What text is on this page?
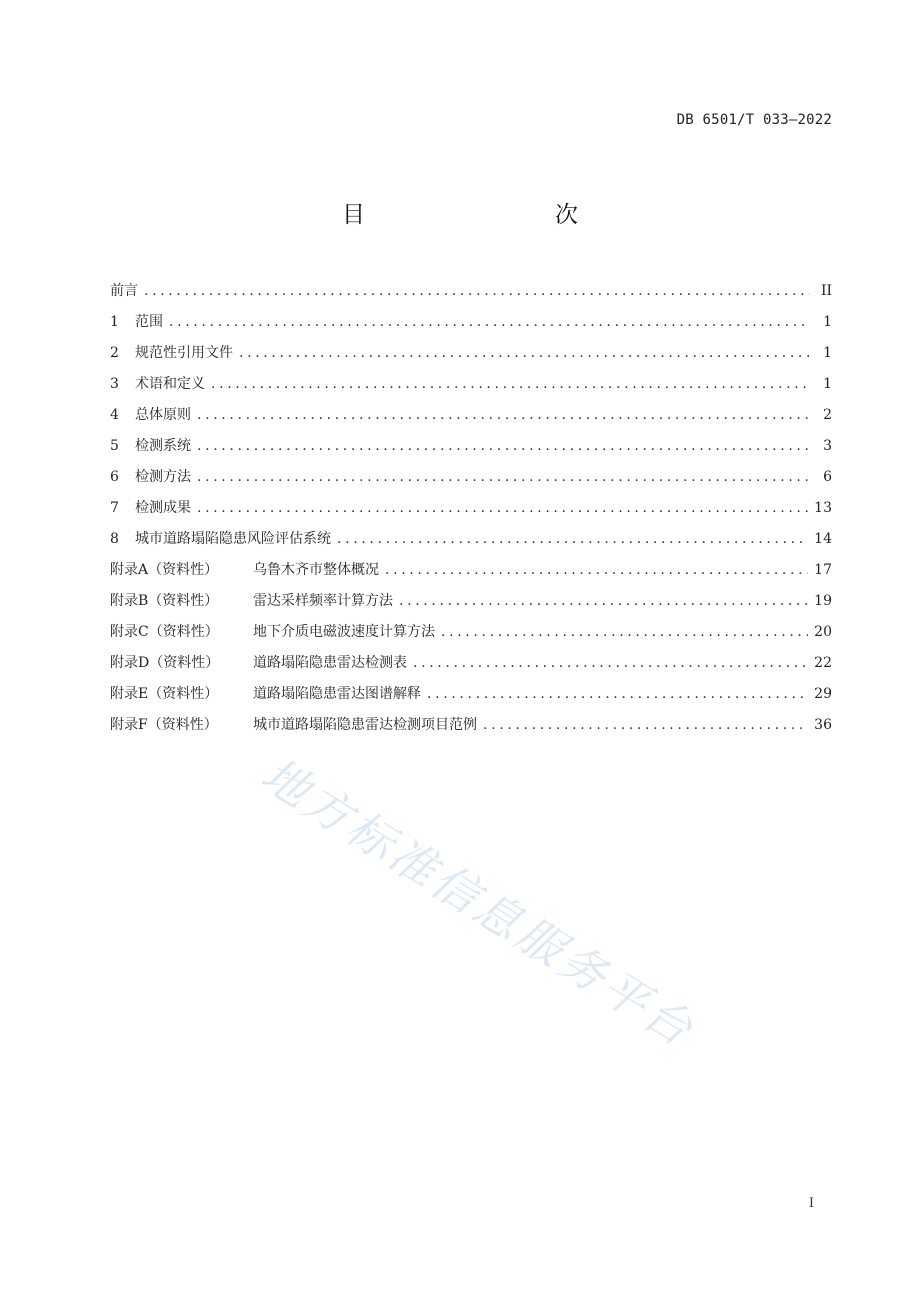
DB 6501/T 033—2022
目　　次
前言 . . .	II
1	范围 . . .	1
2	规范性引用文件 . . .	1
3	术语和定义 . . .	1
4	总体原则 . . .	2
5	检测系统 . . .	3
6	检测方法 . . .	6
7	检测成果 . . .	13
8	城市道路塌陷隐患风险评估系统 . . .	14
附录A（资料性）	乌鲁木齐市整体概况 . . .	17
附录B（资料性）	雷达采样频率计算方法 . . .	19
附录C（资料性）	地下介质电磁波速度计算方法 . . .	20
附录D（资料性）	道路塌陷隐患雷达检测表 . . .	22
附录E（资料性）	道路塌陷隐患雷达图谱解释 . . .	29
附录F（资料性）	城市道路塌陷隐患雷达检测项目范例 . . .	36
地方标准信息服务平台
I
